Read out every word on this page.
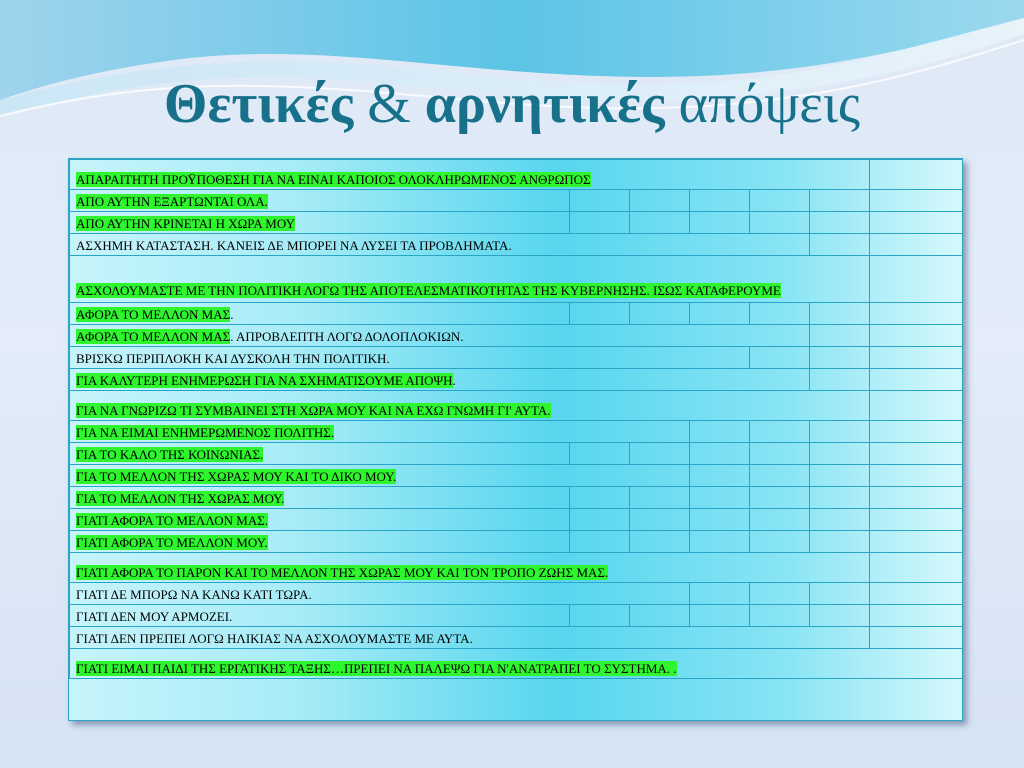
Θετικές & αρνητικές απόψεις
ΑΠΑΡΑΙΤΗΤΗ ΠΡΟΫΠΟΘΕΣΗ ΓΙΑ ΝΑ ΕΙΝΑΙ ΚΑΠΟΙΟΣ ΟΛΟΚΛΗΡΩΜΕΝΟΣ ΑΝΘΡΩΠΟΣ						
ΑΠΟ ΑΥΤΗΝ ΕΞΑΡΤΩΝΤΑΙ ΟΛΑ.						
ΑΠΟ ΑΥΤΗΝ ΚΡΙΝΕΤΑΙ Η ΧΩΡΑ ΜΟΥ						
ΑΣΧΗΜΗ ΚΑΤΑΣΤΑΣΗ. ΚΑΝΕΙΣ ΔΕ ΜΠΟΡΕΙ ΝΑ ΛΥΣΕΙ ΤΑ ΠΡΟΒΛΗΜΑΤΑ.						
ΑΣΧΟΛΟΥΜΑΣΤΕ ΜΕ ΤΗΝ ΠΟΛΙΤΙΚΗ ΛΟΓΩ ΤΗΣ ΑΠΟΤΕΛΕΣΜΑΤΙΚΟΤΗΤΑΣ ΤΗΣ ΚΥΒΕΡΝΗΣΗΣ. ΙΣΩΣ ΚΑΤΑΦΕΡΟΥΜΕ						
ΑΦΟΡΑ ΤΟ ΜΕΛΛΟΝ ΜΑΣ.						
ΑΦΟΡΑ ΤΟ ΜΕΛΛΟΝ ΜΑΣ. ΑΠΡΟΒΛΕΠΤΗ ΛΟΓΩ ΔΟΛΟΠΛΟΚΙΩΝ.						
ΒΡΙΣΚΩ ΠΕΡΙΠΛΟΚΗ ΚΑΙ ΔΥΣΚΟΛΗ ΤΗΝ ΠΟΛΙΤΙΚΗ.						
ΓΙΑ ΚΑΛΥΤΕΡΗ ΕΝΗΜΕΡΩΣΗ ΓΙΑ ΝΑ ΣΧΗΜΑΤΙΣΟΥΜΕ ΑΠΟΨΗ.						
ΓΙΑ ΝΑ ΓΝΩΡΙΖΩ ΤΙ ΣΥΜΒΑΙΝΕΙ ΣΤΗ ΧΩΡΑ ΜΟΥ ΚΑΙ ΝΑ ΕΧΩ ΓΝΩΜΗ ΓΙ' ΑΥΤΑ.						
ΓΙΑ ΝΑ ΕΙΜΑΙ ΕΝΗΜΕΡΩΜΕΝΟΣ ΠΟΛΙΤΗΣ.						
ΓΙΑ ΤΟ ΚΑΛΟ ΤΗΣ ΚΟΙΝΩΝΙΑΣ.						
ΓΙΑ ΤΟ ΜΕΛΛΟΝ ΤΗΣ ΧΩΡΑΣ ΜΟΥ ΚΑΙ ΤΟ ΔΙΚΟ ΜΟΥ.						
ΓΙΑ ΤΟ ΜΕΛΛΟΝ ΤΗΣ ΧΩΡΑΣ ΜΟΥ.						
ΓΙΑΤΙ ΑΦΟΡΑ ΤΟ ΜΕΛΛΟΝ ΜΑΣ.						
ΓΙΑΤΙ ΑΦΟΡΑ ΤΟ ΜΕΛΛΟΝ ΜΟΥ.						
ΓΙΑΤΙ ΑΦΟΡΑ ΤΟ ΠΑΡΟΝ ΚΑΙ ΤΟ ΜΕΛΛΟΝ ΤΗΣ ΧΩΡΑΣ ΜΟΥ ΚΑΙ ΤΟΝ ΤΡΟΠΟ ΖΩΗΣ ΜΑΣ.						
ΓΙΑΤΙ ΔΕ ΜΠΟΡΩ ΝΑ ΚΑΝΩ ΚΑΤΙ ΤΩΡΑ.						
ΓΙΑΤΙ ΔΕΝ ΜΟΥ ΑΡΜΟΖΕΙ.						
ΓΙΑΤΙ ΔΕΝ ΠΡΕΠΕΙ ΛΟΓΩ ΗΛΙΚΙΑΣ ΝΑ ΑΣΧΟΛΟΥΜΑΣΤΕ ΜΕ ΑΥΤΑ.						
ΓΙΑΤΙ ΕΙΜΑΙ ΠΑΙΔΙ ΤΗΣ ΕΡΓΑΤΙΚΗΣ ΤΑΞΗΣ…ΠΡΕΠΕΙ ΝΑ ΠΑΛΕΨΩ ΓΙΑ Ν'ΑΝΑΤΡΑΠΕΙ ΤΟ ΣΥΣΤΗΜΑ. .						
